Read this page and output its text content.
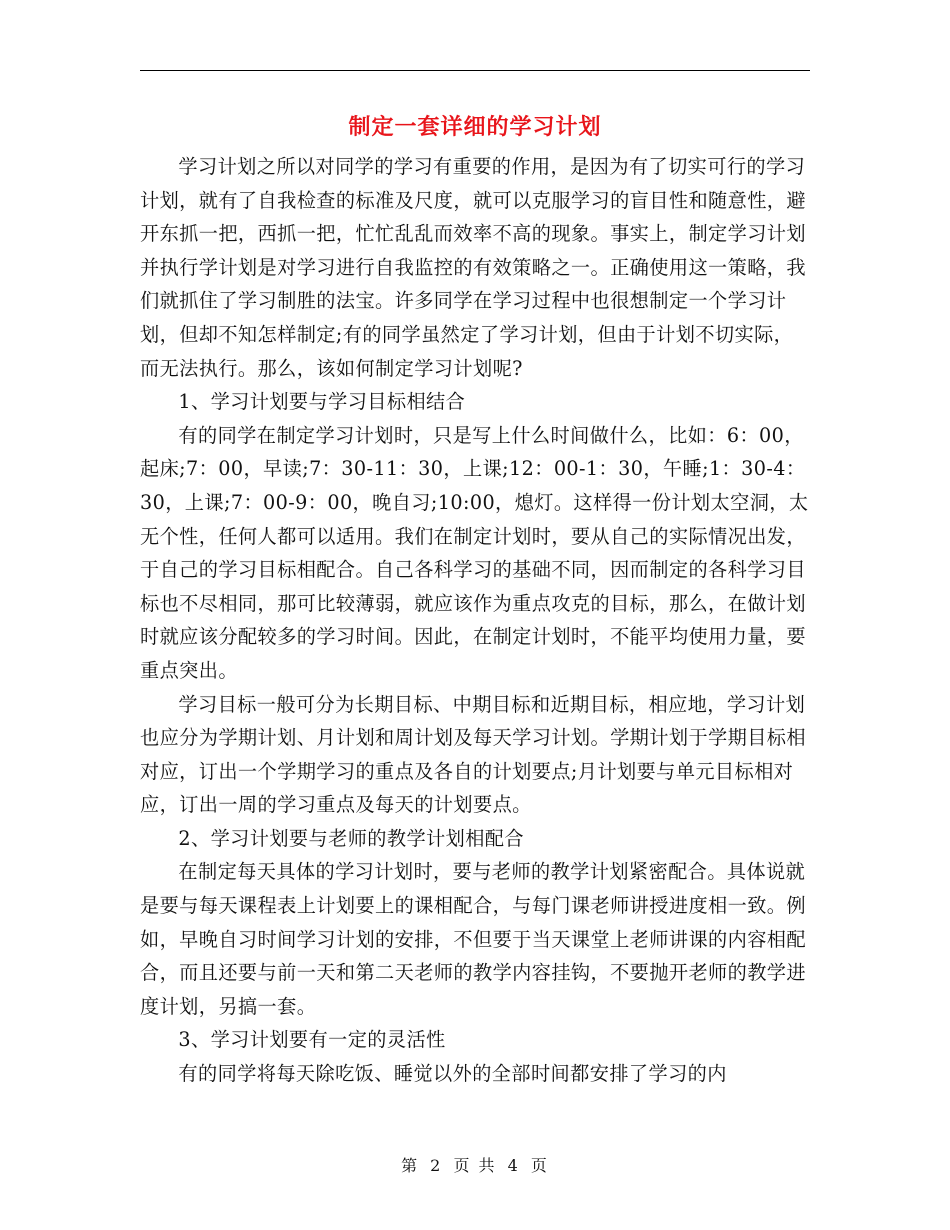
制定一套详细的学习计划

学习计划之所以对同学的学习有重要的作用，是因为有了切实可行的学习计划，就有了自我检查的标准及尺度，就可以克服学习的盲目性和随意性，避开东抓一把，西抓一把，忙忙乱乱而效率不高的现象。事实上，制定学习计划并执行学计划是对学习进行自我监控的有效策略之一。正确使用这一策略，我们就抓住了学习制胜的法宝。许多同学在学习过程中也很想制定一个学习计划，但却不知怎样制定;有的同学虽然定了学习计划，但由于计划不切实际，而无法执行。那么，该如何制定学习计划呢?

1、学习计划要与学习目标相结合

有的同学在制定学习计划时，只是写上什么时间做什么，比如：6：00，起床;7：00，早读;7：30-11：30，上课;12：00-1：30，午睡;1：30-4：30，上课;7：00-9：00，晚自习;10:00，熄灯。这样得一份计划太空洞，太无个性，任何人都可以适用。我们在制定计划时，要从自己的实际情况出发，于自己的学习目标相配合。自己各科学习的基础不同，因而制定的各科学习目标也不尽相同，那可比较薄弱，就应该作为重点攻克的目标，那么，在做计划时就应该分配较多的学习时间。因此，在制定计划时，不能平均使用力量，要重点突出。

学习目标一般可分为长期目标、中期目标和近期目标，相应地，学习计划也应分为学期计划、月计划和周计划及每天学习计划。学期计划于学期目标相对应，订出一个学期学习的重点及各自的计划要点;月计划要与单元目标相对应，订出一周的学习重点及每天的计划要点。

2、学习计划要与老师的教学计划相配合

在制定每天具体的学习计划时，要与老师的教学计划紧密配合。具体说就是要与每天课程表上计划要上的课相配合，与每门课老师讲授进度相一致。例如，早晚自习时间学习计划的安排，不但要于当天课堂上老师讲课的内容相配合，而且还要与前一天和第二天老师的教学内容挂钩，不要抛开老师的教学进度计划，另搞一套。

3、学习计划要有一定的灵活性

有的同学将每天除吃饭、睡觉以外的全部时间都安排了学习的内

第 2 页 共 4 页
